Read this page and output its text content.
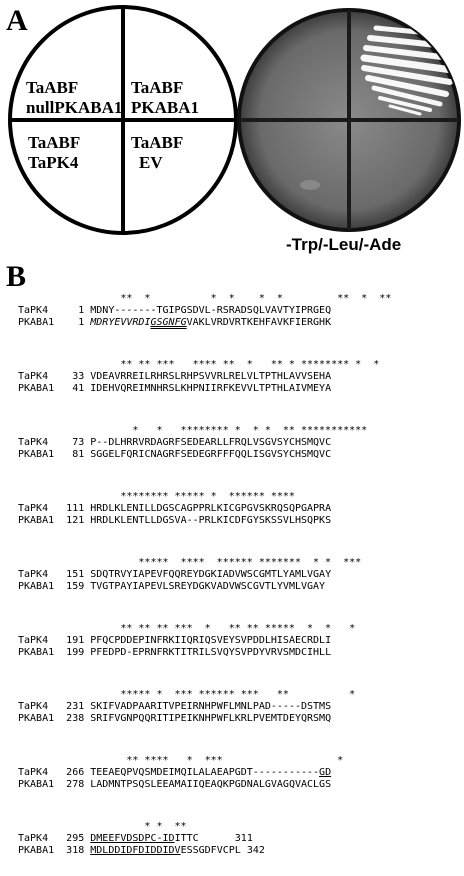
A
TaABF
nullPKABA1
TaABF
PKABA1
TaABF
TaPK4
TaABF
EV
-Trp/-Leu/-Ade
B
**  *          *  *    *  *         **  *  **
TaPK4     1 MDNY-------TGIPGSDVL-RSRADSQLVAVTYIPRGEQ
PKABA1    1 MDRYEVVRDIGSGNFGVAKLVRDVRTKEHFAVKFIERGHK
** ** ***   **** **  *   ** * ******** *  *
TaPK4    33 VDEAVRREILRHRSLRHPSVVRLRELVLTPTHLAVVSEHA
PKABA1   41 IDEHVQREIMNHRSLKHPNIIRFKEVVLTPTHLAIVMEYA
*   *   ******** *  * *  ** ***********
TaPK4    73 P--DLHRRVRDAGRFSEDEARLLFRQLVSGVSYCHSMQVC
PKABA1   81 SGGELFQRICNAGRFSEDEGRFFFQQLISGVSYCHSMQVC
******** ***** *  ****** ****
TaPK4   111 HRDLKLENILLDGSCAGPPRLKICGPGVSKRQSQPGAPRA
PKABA1  121 HRDLKLENTLLDGSVA--PRLKICDFGYSKSSVLHSQPKS
*****  ****  ****** *******  * *  ***
TaPK4   151 SDQTRVYIAPEVFQQREYDGKIADVWSCGMTLYAMLVGAY
PKABA1  159 TVGTPAYIAPEVLSREYDGKVADVWSCGVTLYVMLVGAY
** ** ** ***  *   ** ** *****  *  *   *
TaPK4   191 PFQCPDDEPINFRKIIQRIQSVEYSVPDDLHISAECRDLI
PKABA1  199 PFEDPD-EPRNFRKTITRILSVQYSVPDYVRVSMDCIHLL
***** *  *** ****** ***   **          *
TaPK4   231 SKIFVADPAARITVPEIRNHPWFLMNLPAD-----DSTMS
PKABA1  238 SRIFVGNPQQRITIPEIKNHPWFLKRLPVEMTDEYQRSMQ
** ****   *  ***                   *
TaPK4   266 TEEAEQPVQSMDEIMQILALAEAPGDT-----------GD
PKABA1  278 LADMNTPSQSLEEAMAIIQEAQKPGDNALGVAGQVACLGS
* *  **
TaPK4   295 DMEEFVDSDPC-IDITTC      311
PKABA1  318 MDLDDIDFDIDDIDVESSGDFVCPL 342
